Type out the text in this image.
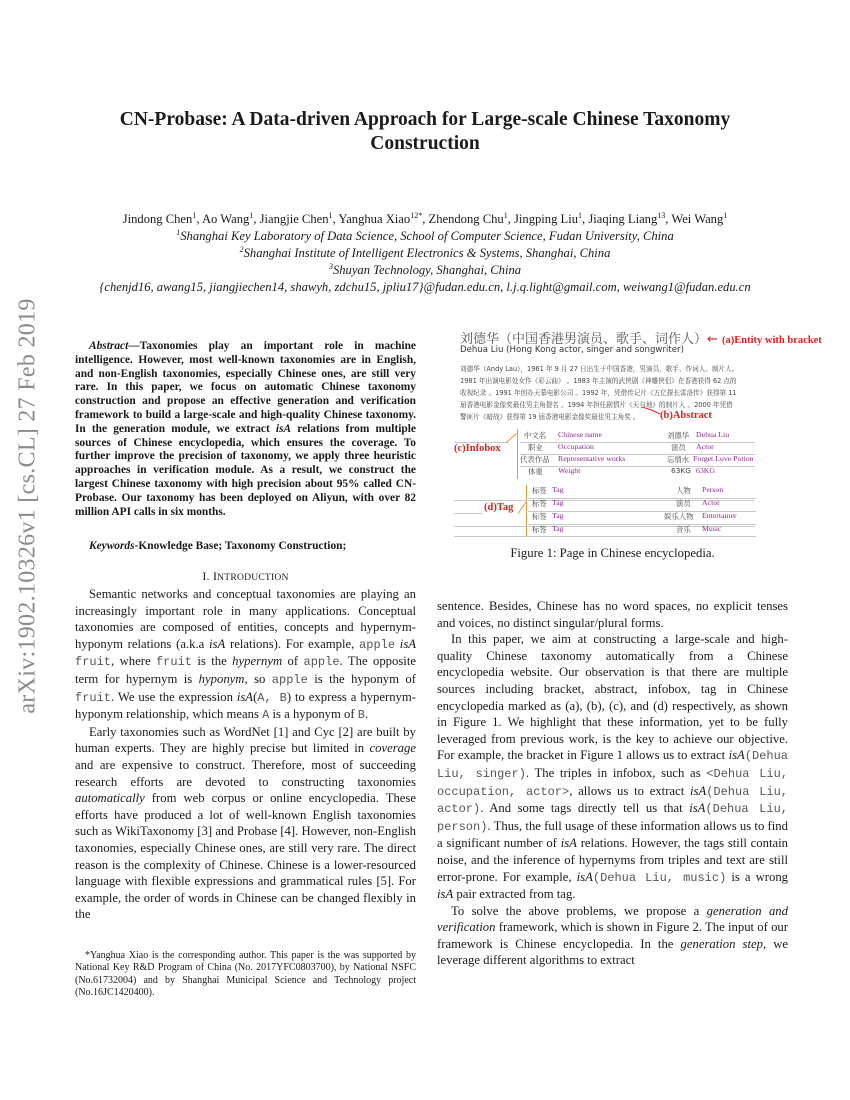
arXiv:1902.10326v1 [cs.CL] 27 Feb 2019
CN-Probase: A Data-driven Approach for Large-scale Chinese Taxonomy
Construction
Jindong Chen$^1$, Ao Wang$^1$, Jiangjie Chen$^1$, Yanghua Xiao$^{12*}$, Zhendong Chu$^1$, Jingping Liu$^1$, Jiaqing Liang$^{13}$, Wei Wang$^1$
$^1$Shanghai Key Laboratory of Data Science, School of Computer Science, Fudan University, China
$^2$Shanghai Institute of Intelligent Electronics & Systems, Shanghai, China
$^3$Shuyan Technology, Shanghai, China
{chenjd16, awang15, jiangjiechen14, shawyh, zdchu15, jpliu17}@fudan.edu.cn, l.j.q.light@gmail.com, weiwang1@fudan.edu.cn
Abstract—Taxonomies play an important role in machine intelligence. However, most well-known taxonomies are in English, and non-English taxonomies, especially Chinese ones, are still very rare. In this paper, we focus on automatic Chinese taxonomy construction and propose an effective generation and verification framework to build a large-scale and high-quality Chinese taxonomy. In the generation module, we extract isA relations from multiple sources of Chinese encyclopedia, which ensures the coverage. To further improve the precision of taxonomy, we apply three heuristic approaches in verification module. As a result, we construct the largest Chinese taxonomy with high precision about 95% called CN-Probase. Our taxonomy has been deployed on Aliyun, with over 82 million API calls in six months.
Keywords-Knowledge Base; Taxonomy Construction;
I. INTRODUCTION

Semantic networks and conceptual taxonomies are playing an increasingly important role in many applications. Conceptual taxonomies are composed of entities, concepts and hypernym-hyponym relations (a.k.a isA relations). For example, apple isA fruit, where fruit is the hypernym of apple. The opposite term for hypernym is hyponym, so apple is the hyponym of fruit. We use the expression isA(A, B) to express a hypernym-hyponym relationship, which means A is a hyponym of B.

Early taxonomies such as WordNet [1] and Cyc [2] are built by human experts. They are highly precise but limited in coverage and are expensive to construct. Therefore, most of succeeding research efforts are devoted to constructing taxonomies automatically from web corpus or online encyclopedia. These efforts have produced a lot of well-known English taxonomies such as WikiTaxonomy [3] and Probase [4]. However, non-English taxonomies, especially Chinese ones, are still very rare. The direct reason is the complexity of Chinese. Chinese is a lower-resourced language with flexible expressions and grammatical rules [5]. For example, the order of words in Chinese can be changed flexibly in the

*Yanghua Xiao is the corresponding author. This paper is the was supported by National Key R&D Program of China (No. 2017YFC0803700), by National NSFC (No.61732004) and by Shanghai Municipal Science and Technology project (No.16JC1420400).
刘德华（中国香港男演员、歌手、词作人）← (a)Entity with bracket
Dehua Liu (Hong Kong actor, singer and songwriter)
刘德华（Andy Lau），1961 年 9 月 27 日出生于中国香港，男演员、歌手、作词人、制片人。
1981 年出演电影处女作《彩云曲》 。1983 年主演的武侠剧《神雕侠侣》在香港获得 62 点的
收视纪录 。1991 年创办天幕电影公司 。1992 年，凭借传记片《五亿探长雷洛传》获得第 11
届香港电影金像奖最佳男主角提名 。1994 年担任剧情片《天与地》的制片人 。2000 年凭借
警匪片《暗战》获得第 19 届香港电影金像奖最佳男主角奖 。	(b)Abstract
(c)Infobox
中文名 Chinese name	刘德华 Dehua Liu
职业 Occupation	演员 Actor
代表作品 Representative works	忘情水 Forget Love Potion
体重 Weight	63KG 63KG
(d)Tag
标签 Tag	人物 Person
标签 Tag	演员 Actor
标签 Tag	娱乐人物 Entertainer
标签 Tag	音乐 Music
Figure 1: Page in Chinese encyclopedia.

sentence. Besides, Chinese has no word spaces, no explicit tenses and voices, no distinct singular/plural forms.

In this paper, we aim at constructing a large-scale and high-quality Chinese taxonomy automatically from a Chinese encyclopedia website. Our observation is that there are multiple sources including bracket, abstract, infobox, tag in Chinese encyclopedia marked as (a), (b), (c), and (d) respectively, as shown in Figure 1. We highlight that these information, yet to be fully leveraged from previous work, is the key to achieve our objective. For example, the bracket in Figure 1 allows us to extract isA(Dehua Liu, singer). The triples in infobox, such as <Dehua Liu, occupation, actor>, allows us to extract isA(Dehua Liu, actor). And some tags directly tell us that isA(Dehua Liu, person). Thus, the full usage of these information allows us to find a significant number of isA relations. However, the tags still contain noise, and the inference of hypernyms from triples and text are still error-prone. For example, isA(Dehua Liu, music) is a wrong isA pair extracted from tag.

To solve the above problems, we propose a generation and verification framework, which is shown in Figure 2. The input of our framework is Chinese encyclopedia. In the generation step, we leverage different algorithms to extract
